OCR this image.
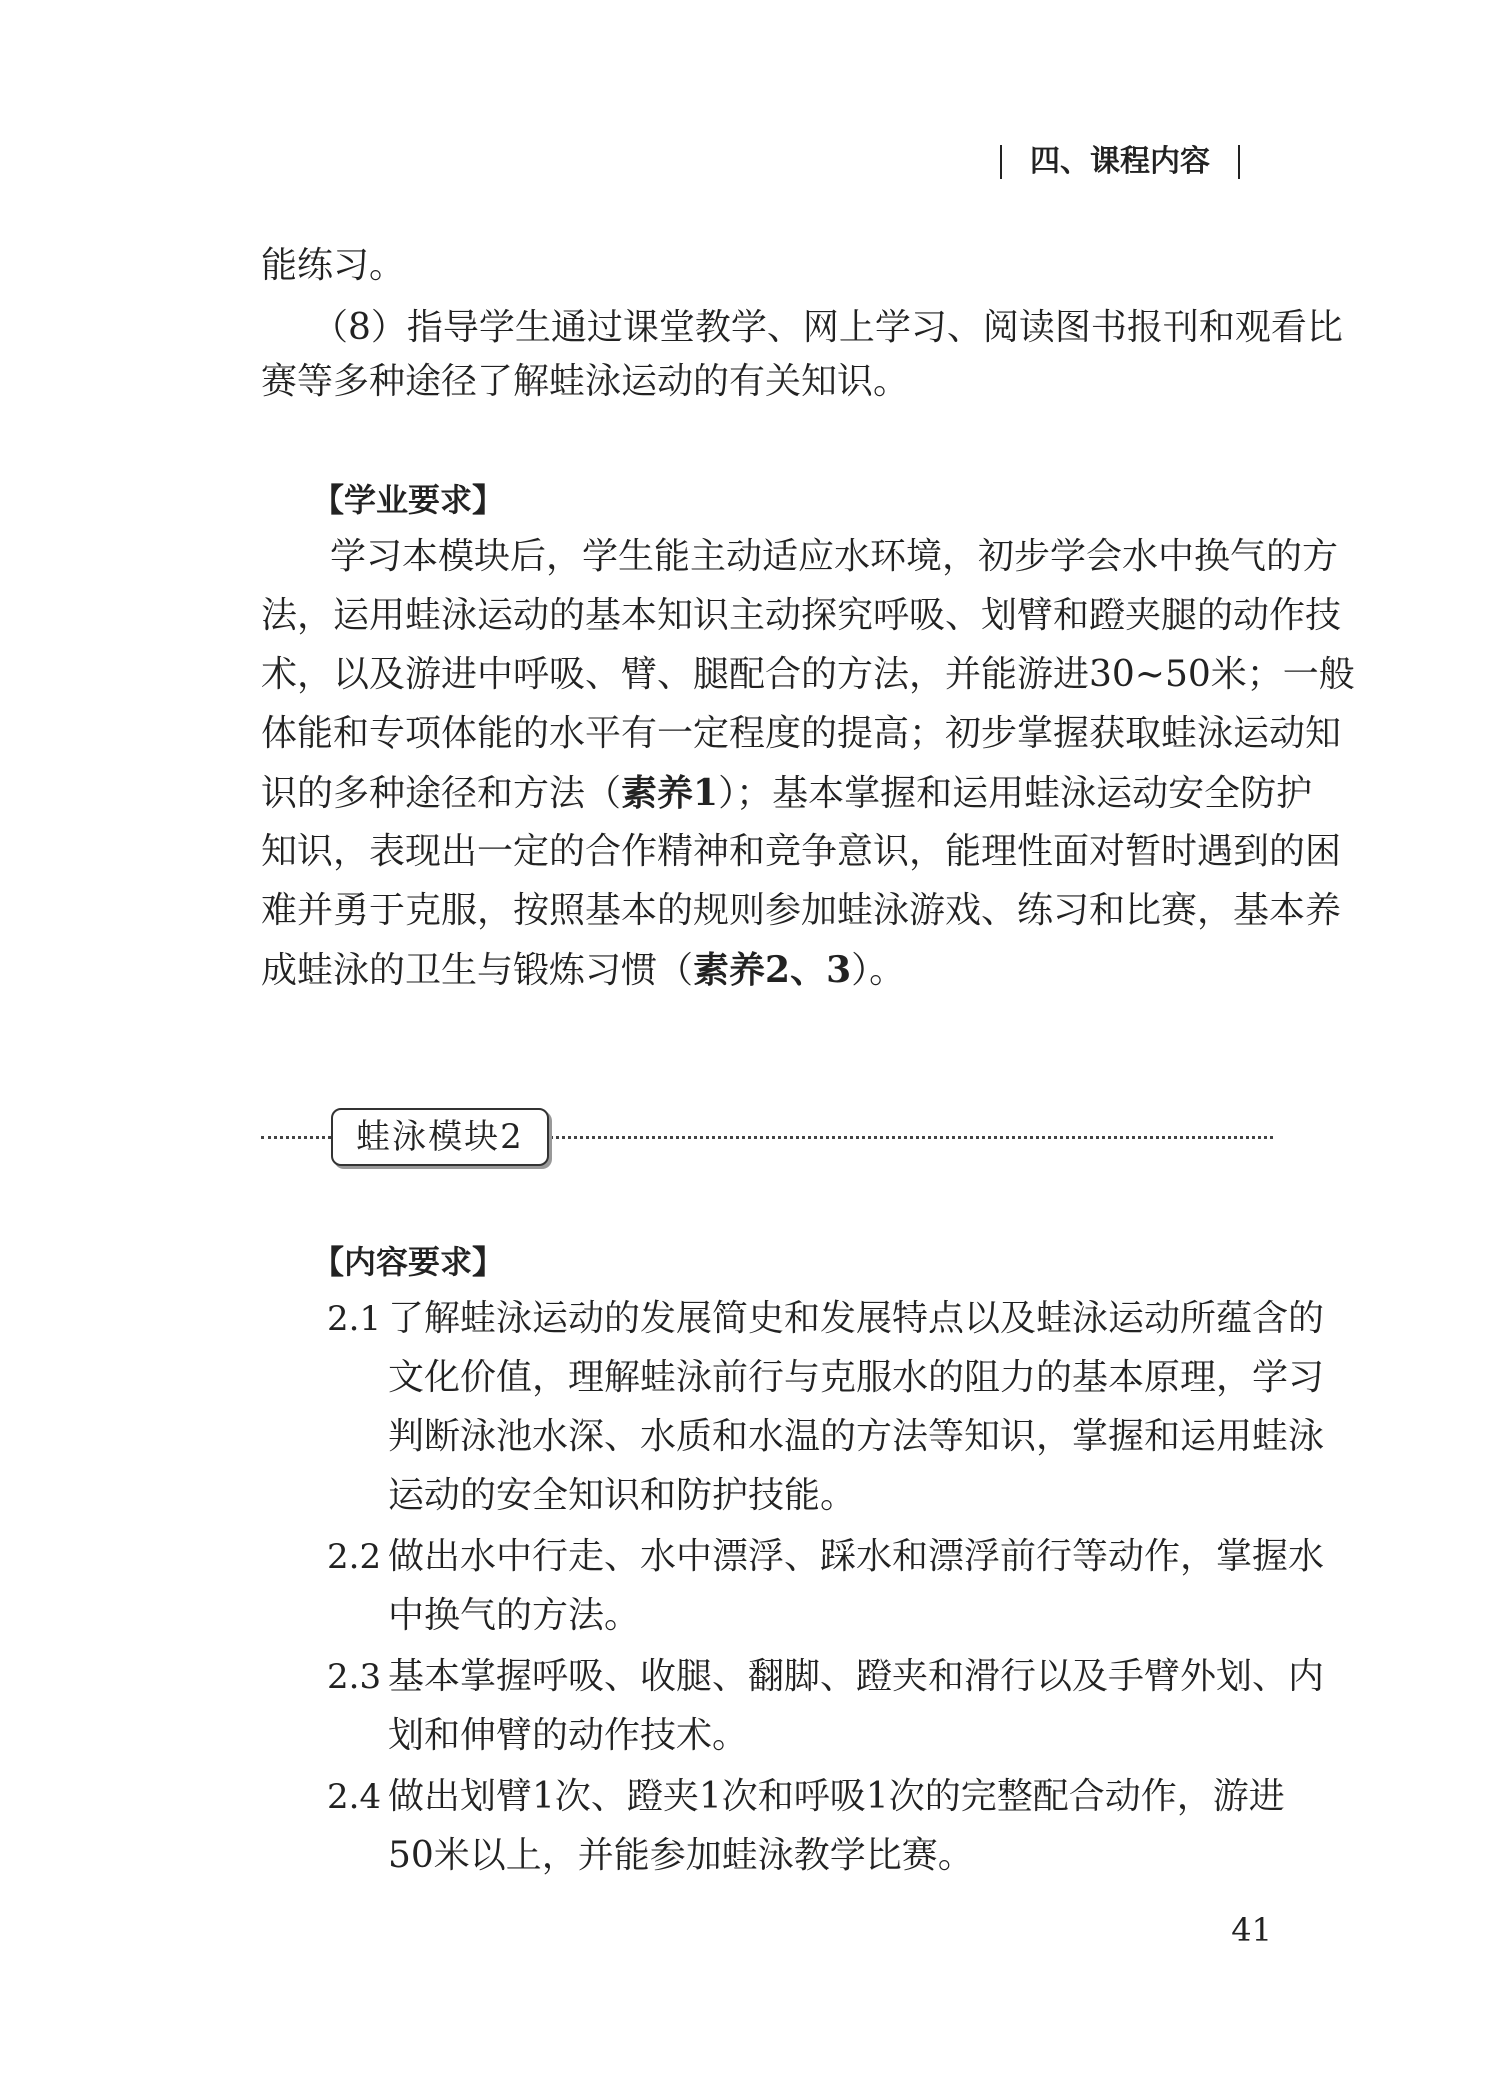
四、课程内容
能练习。
（8）指导学生通过课堂教学、网上学习、阅读图书报刊和观看比
赛等多种途径了解蛙泳运动的有关知识。
【学业要求】
学习本模块后，学生能主动适应水环境，初步学会水中换气的方
法，运用蛙泳运动的基本知识主动探究呼吸、划臂和蹬夹腿的动作技
术，以及游进中呼吸、臂、腿配合的方法，并能游进30~50米；一般
体能和专项体能的水平有一定程度的提高；初步掌握获取蛙泳运动知
识的多种途径和方法（素养1）；基本掌握和运用蛙泳运动安全防护
知识，表现出一定的合作精神和竞争意识，能理性面对暂时遇到的困
难并勇于克服，按照基本的规则参加蛙泳游戏、练习和比赛，基本养
成蛙泳的卫生与锻炼习惯（素养2、3）。
蛙泳模块2
【内容要求】
2.1 了解蛙泳运动的发展简史和发展特点以及蛙泳运动所蕴含的
文化价值，理解蛙泳前行与克服水的阻力的基本原理，学习
判断泳池水深、水质和水温的方法等知识，掌握和运用蛙泳
运动的安全知识和防护技能。
2.2 做出水中行走、水中漂浮、踩水和漂浮前行等动作，掌握水
中换气的方法。
2.3 基本掌握呼吸、收腿、翻脚、蹬夹和滑行以及手臂外划、内
划和伸臂的动作技术。
2.4 做出划臂1次、蹬夹1次和呼吸1次的完整配合动作，游进
50米以上，并能参加蛙泳教学比赛。
41
